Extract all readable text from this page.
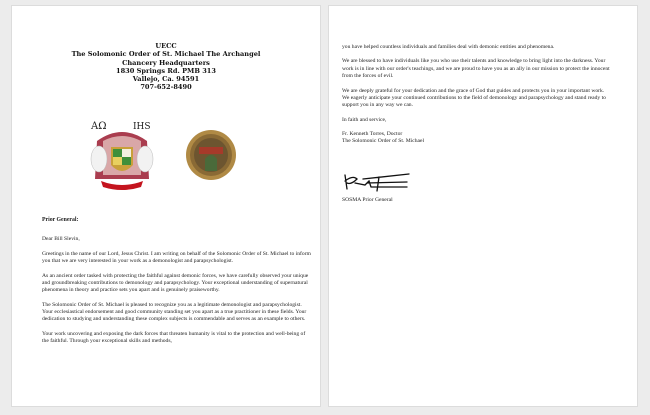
UECC
The Solomonic Order of St. Michael The Archangel
Chancery Headquarters
1830 Springs Rd. PMB 313
Vallejo, Ca. 94591
707-652-8490
AΩ	IHS

Prior General:

Dear Bill Slevin,

Greetings in the name of our Lord, Jesus Christ. I am writing on behalf of the Solomonic Order of St. Michael to inform you that we are very interested in your work as a demonologist and parapsychologist.

As an ancient order tasked with protecting the faithful against demonic forces, we have carefully observed your unique and groundbreaking contributions to demonology and parapsychology. Your exceptional understanding of supernatural phenomena in theory and practice sets you apart and is genuinely praiseworthy.

The Solomonic Order of St. Michael is pleased to recognize you as a legitimate demonologist and parapsychologist. Your ecclesiastical endorsement and good community standing set you apart as a true practitioner in these fields. Your dedication to studying and understanding these complex subjects is commendable and serves as an example to others.

Your work uncovering and exposing the dark forces that threaten humanity is vital to the protection and well-being of the faithful. Through your exceptional skills and methods,

you have helped countless individuals and families deal with demonic entities and phenomena.

We are blessed to have individuals like you who use their talents and knowledge to bring light into the darkness. Your work is in line with our order's teachings, and we are proud to have you as an ally in our mission to protect the innocent from the forces of evil.

We are deeply grateful for your dedication and the grace of God that guides and protects you in your important work. We eagerly anticipate your continued contributions to the field of demonology and parapsychology and stand ready to support you in any way we can.

In faith and service,

Fr. Kenneth Torres, Doctor
The Solomonic Order of St. Michael
SOSMA Prior General
